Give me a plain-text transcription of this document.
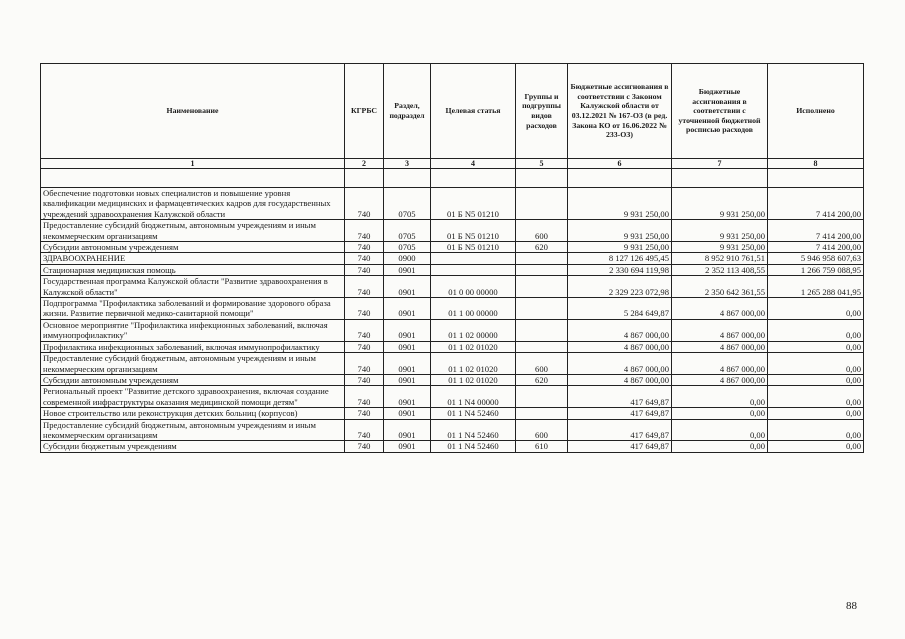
Наименование	КГРБС	Раздел, подраздел	Целевая статья	Группы и подгруппы видов расходов	Бюджетные ассигнования в соответствии с Законом Калужской области от 03.12.2021 № 167-ОЗ (в ред. Закона КО от 16.06.2022 № 233-ОЗ)	Бюджетные ассигнования в соответствии с уточненной бюджетной росписью расходов	Исполнено
1	2	3	4	5	6	7	8

Обеспечение подготовки новых специалистов и повышение уровня квалификации медицинских и фармацевтических кадров для государственных учреждений здравоохранения Калужской области	740	0705	01 Б N5 01210		9 931 250,00	9 931 250,00	7 414 200,00
Предоставление субсидий бюджетным, автономным учреждениям и иным некоммерческим организациям	740	0705	01 Б N5 01210	600	9 931 250,00	9 931 250,00	7 414 200,00
Субсидии автономным учреждениям	740	0705	01 Б N5 01210	620	9 931 250,00	9 931 250,00	7 414 200,00
ЗДРАВООХРАНЕНИЕ	740	0900			8 127 126 495,45	8 952 910 761,51	5 946 958 607,63
Стационарная медицинская помощь	740	0901			2 330 694 119,98	2 352 113 408,55	1 266 759 088,95
Государственная программа Калужской области "Развитие здравоохранения в Калужской области"	740	0901	01 0 00 00000		2 329 223 072,98	2 350 642 361,55	1 265 288 041,95
Подпрограмма "Профилактика заболеваний и формирование здорового образа жизни. Развитие первичной медико-санитарной помощи"	740	0901	01 1 00 00000		5 284 649,87	4 867 000,00	0,00
Основное мероприятие "Профилактика инфекционных заболеваний, включая иммунопрофилактику"	740	0901	01 1 02 00000		4 867 000,00	4 867 000,00	0,00
Профилактика инфекционных заболеваний, включая иммунопрофилактику	740	0901	01 1 02 01020		4 867 000,00	4 867 000,00	0,00
Предоставление субсидий бюджетным, автономным учреждениям и иным некоммерческим организациям	740	0901	01 1 02 01020	600	4 867 000,00	4 867 000,00	0,00
Субсидии автономным учреждениям	740	0901	01 1 02 01020	620	4 867 000,00	4 867 000,00	0,00
Региональный проект "Развитие детского здравоохранения, включая создание современной инфраструктуры оказания медицинской помощи детям"	740	0901	01 1 N4 00000		417 649,87	0,00	0,00
Новое строительство или реконструкция детских больниц (корпусов)	740	0901	01 1 N4 52460		417 649,87	0,00	0,00
Предоставление субсидий бюджетным, автономным учреждениям и иным некоммерческим организациям	740	0901	01 1 N4 52460	600	417 649,87	0,00	0,00
Субсидии бюджетным учреждениям	740	0901	01 1 N4 52460	610	417 649,87	0,00	0,00
88
